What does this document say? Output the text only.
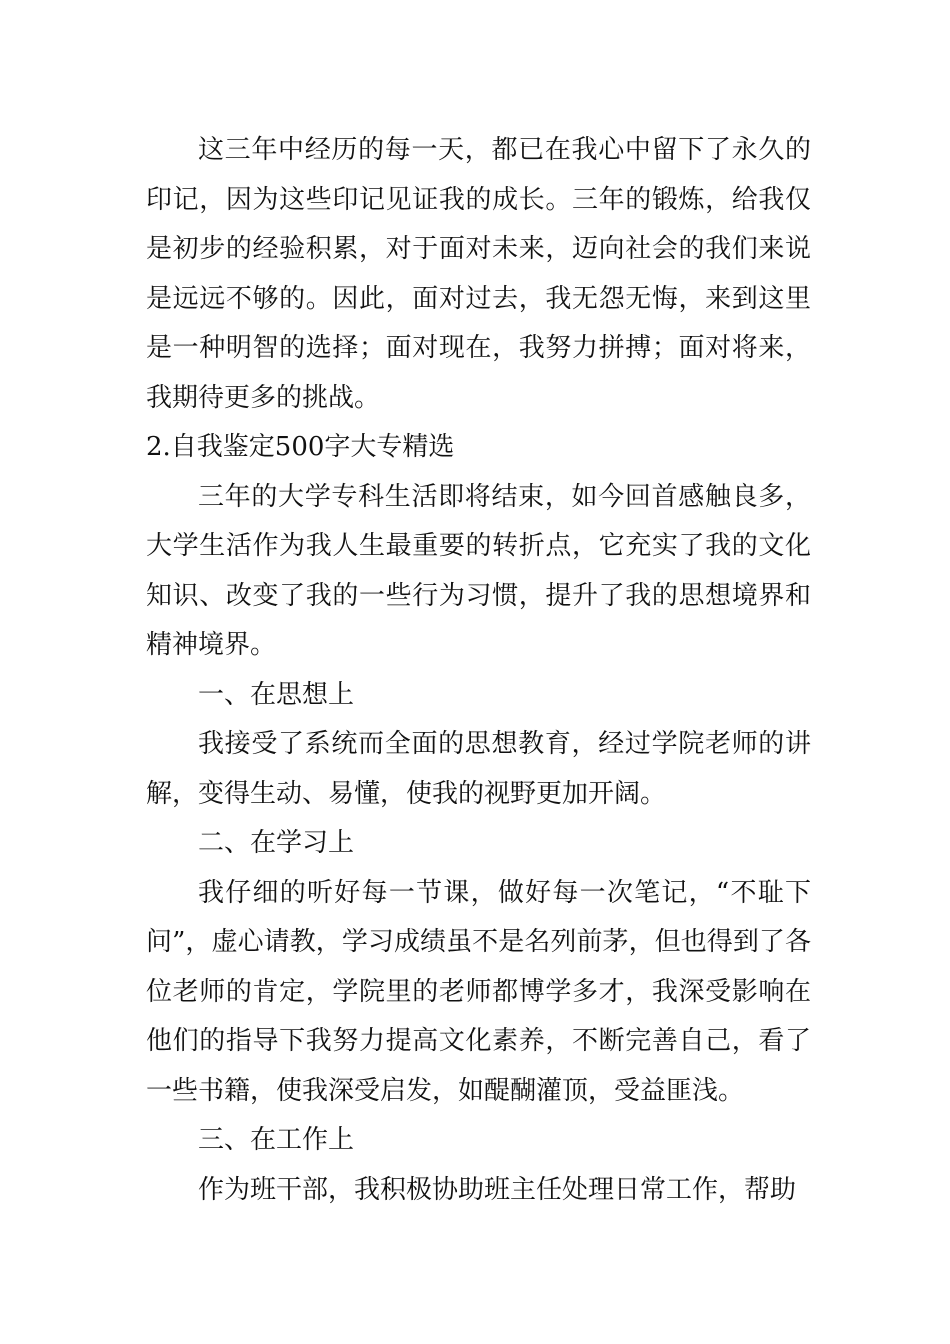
这三年中经历的每一天，都已在我心中留下了永久的印记，因为这些印记见证我的成长。三年的锻炼，给我仅是初步的经验积累，对于面对未来，迈向社会的我们来说是远远不够的。因此，面对过去，我无怨无悔，来到这里是一种明智的选择；面对现在，我努力拼搏；面对将来，我期待更多的挑战。

2.自我鉴定500字大专精选

三年的大学专科生活即将结束，如今回首感触良多，大学生活作为我人生最重要的转折点，它充实了我的文化知识、改变了我的一些行为习惯，提升了我的思想境界和精神境界。

一、在思想上

我接受了系统而全面的思想教育，经过学院老师的讲解，变得生动、易懂，使我的视野更加开阔。

二、在学习上

我仔细的听好每一节课，做好每一次笔记，“不耻下问”，虚心请教，学习成绩虽不是名列前茅，但也得到了各位老师的肯定，学院里的老师都博学多才，我深受影响在他们的指导下我努力提高文化素养，不断完善自己，看了一些书籍，使我深受启发，如醍醐灌顶，受益匪浅。

三、在工作上

作为班干部，我积极协助班主任处理日常工作，帮助
